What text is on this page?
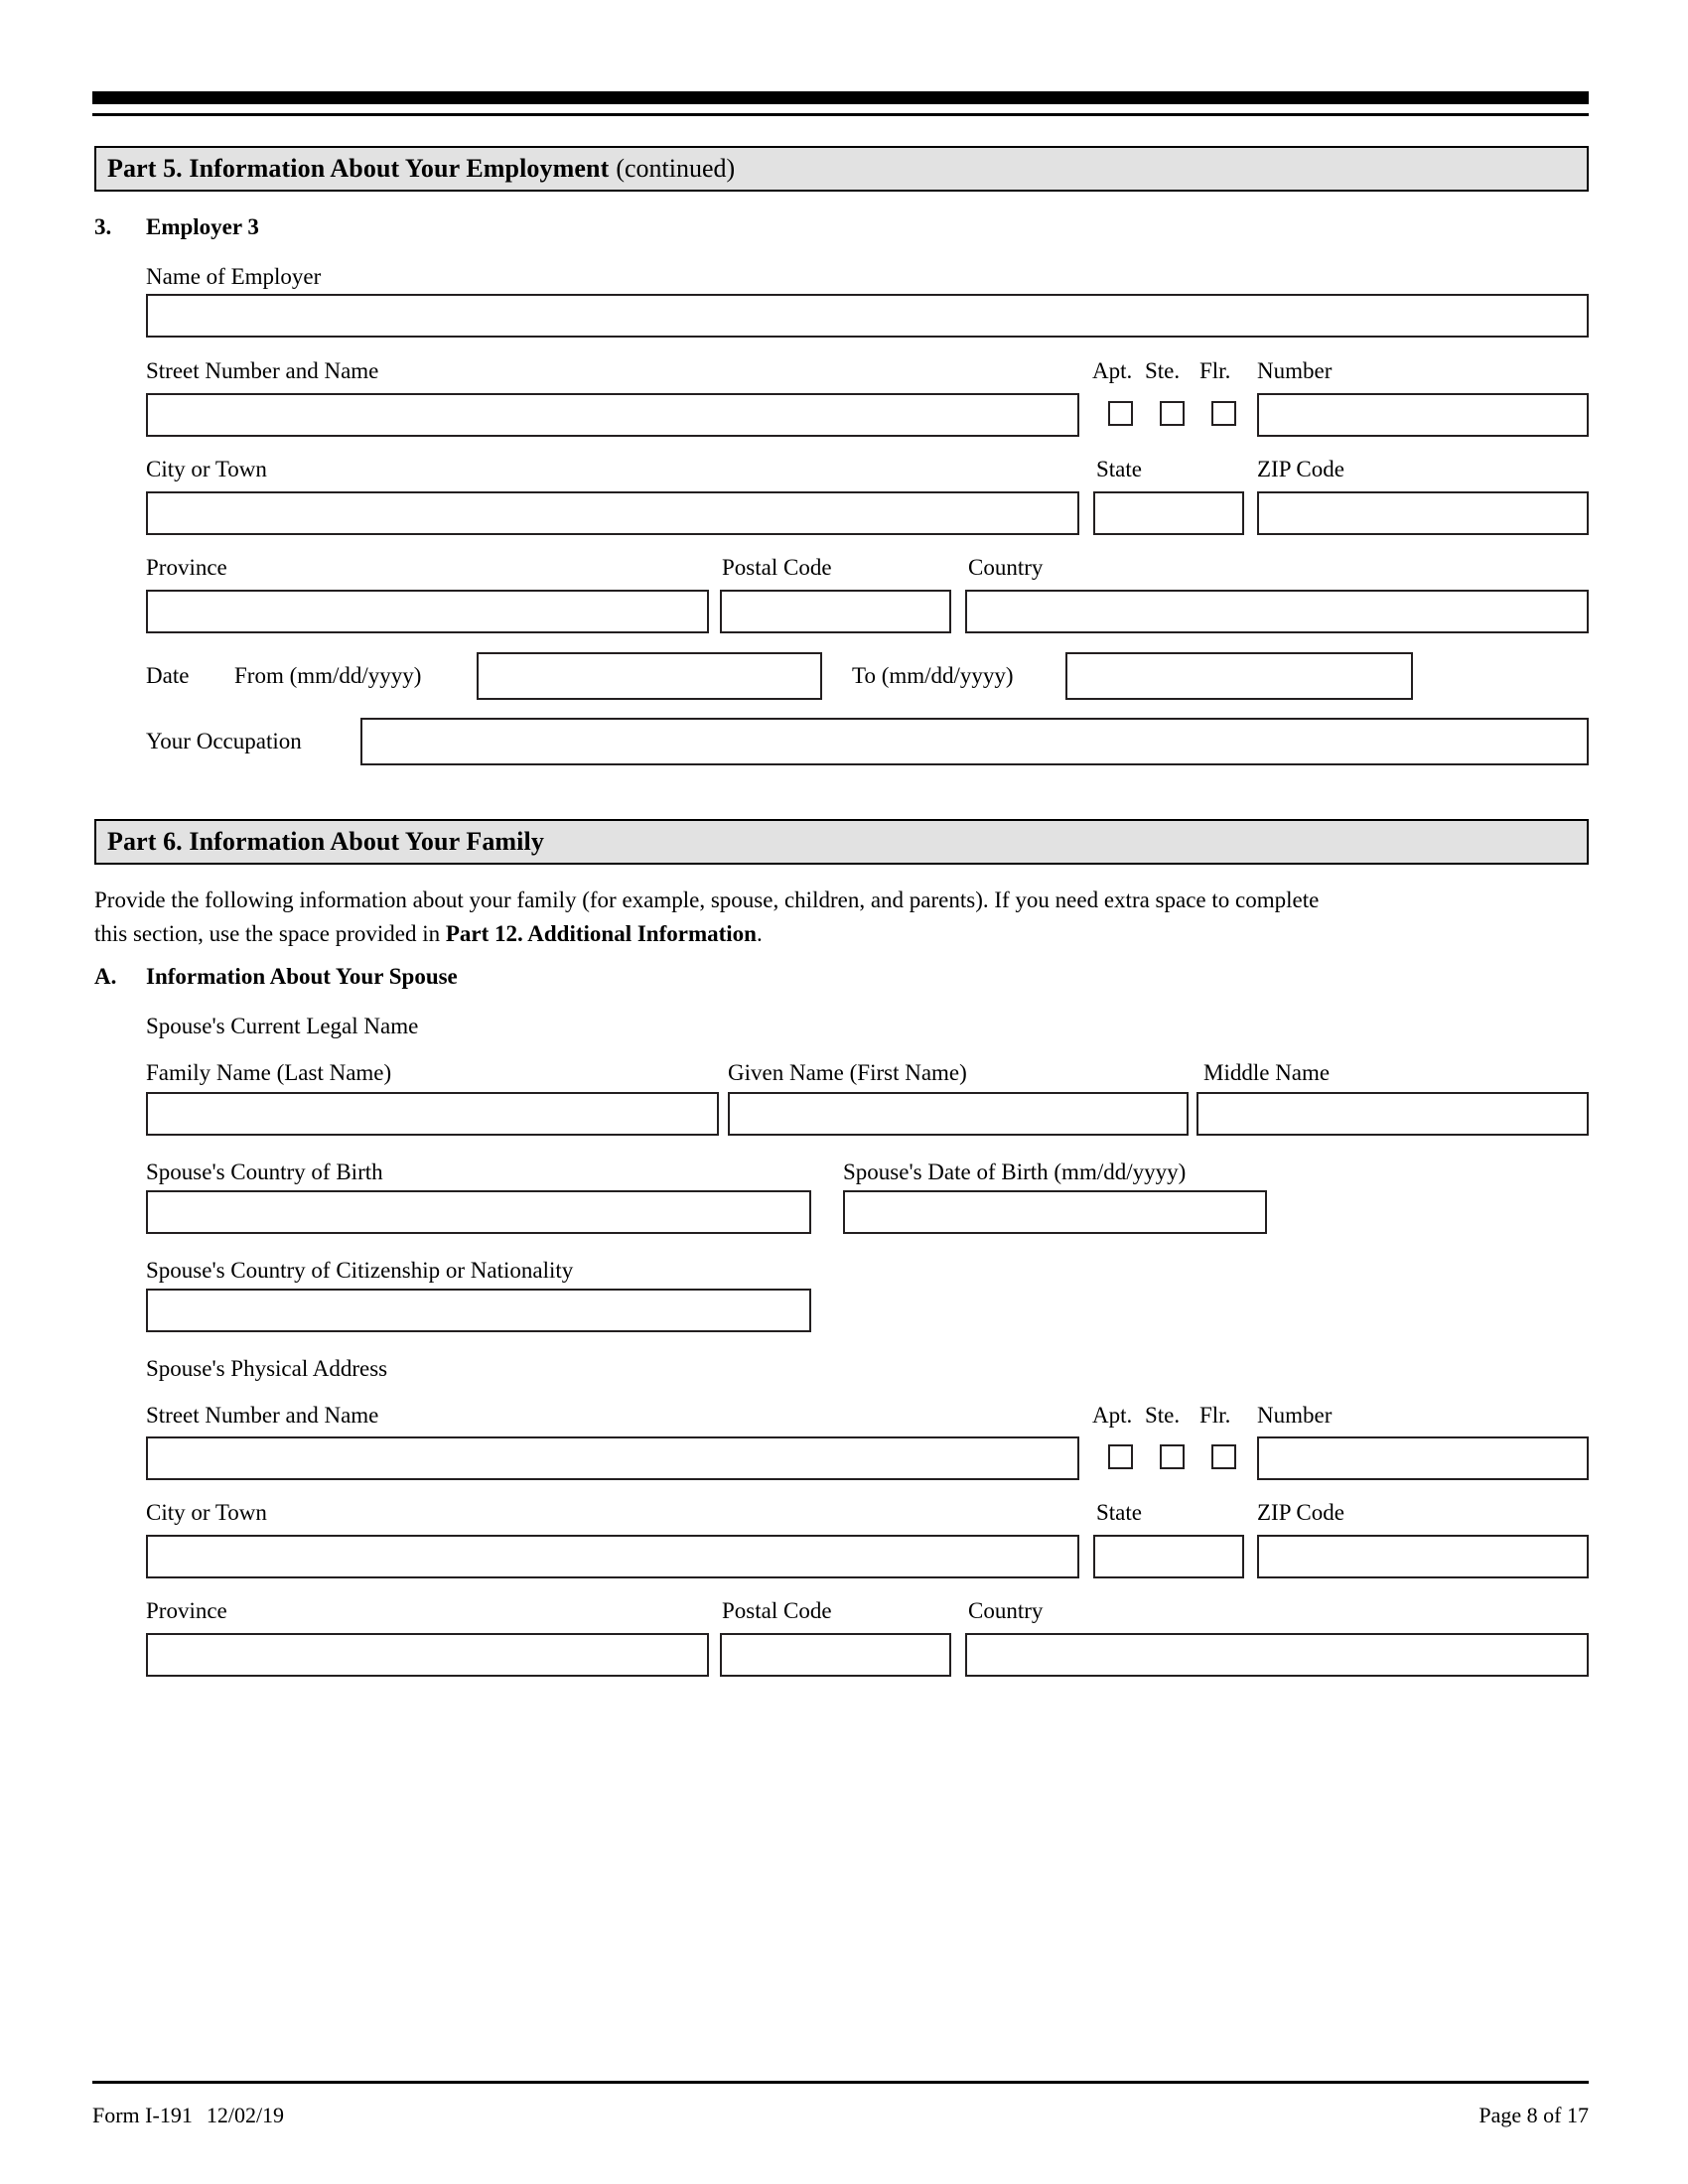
Part 5. Information About Your Employment (continued)
3. Employer 3
Name of Employer
Street Number and Name	Apt. Ste. Flr. Number
City or Town	State	ZIP Code
Province	Postal Code	Country
Date From (mm/dd/yyyy)	To (mm/dd/yyyy)
Your Occupation
Part 6. Information About Your Family
Provide the following information about your family (for example, spouse, children, and parents). If you need extra space to complete
this section, use the space provided in Part 12. Additional Information.
A. Information About Your Spouse
Spouse's Current Legal Name
Family Name (Last Name)	Given Name (First Name)	Middle Name
Spouse's Country of Birth	Spouse's Date of Birth (mm/dd/yyyy)
Spouse's Country of Citizenship or Nationality
Spouse's Physical Address
Street Number and Name	Apt. Ste. Flr. Number
City or Town	State	ZIP Code
Province	Postal Code	Country
Form I-191 12/02/19	Page 8 of 17
